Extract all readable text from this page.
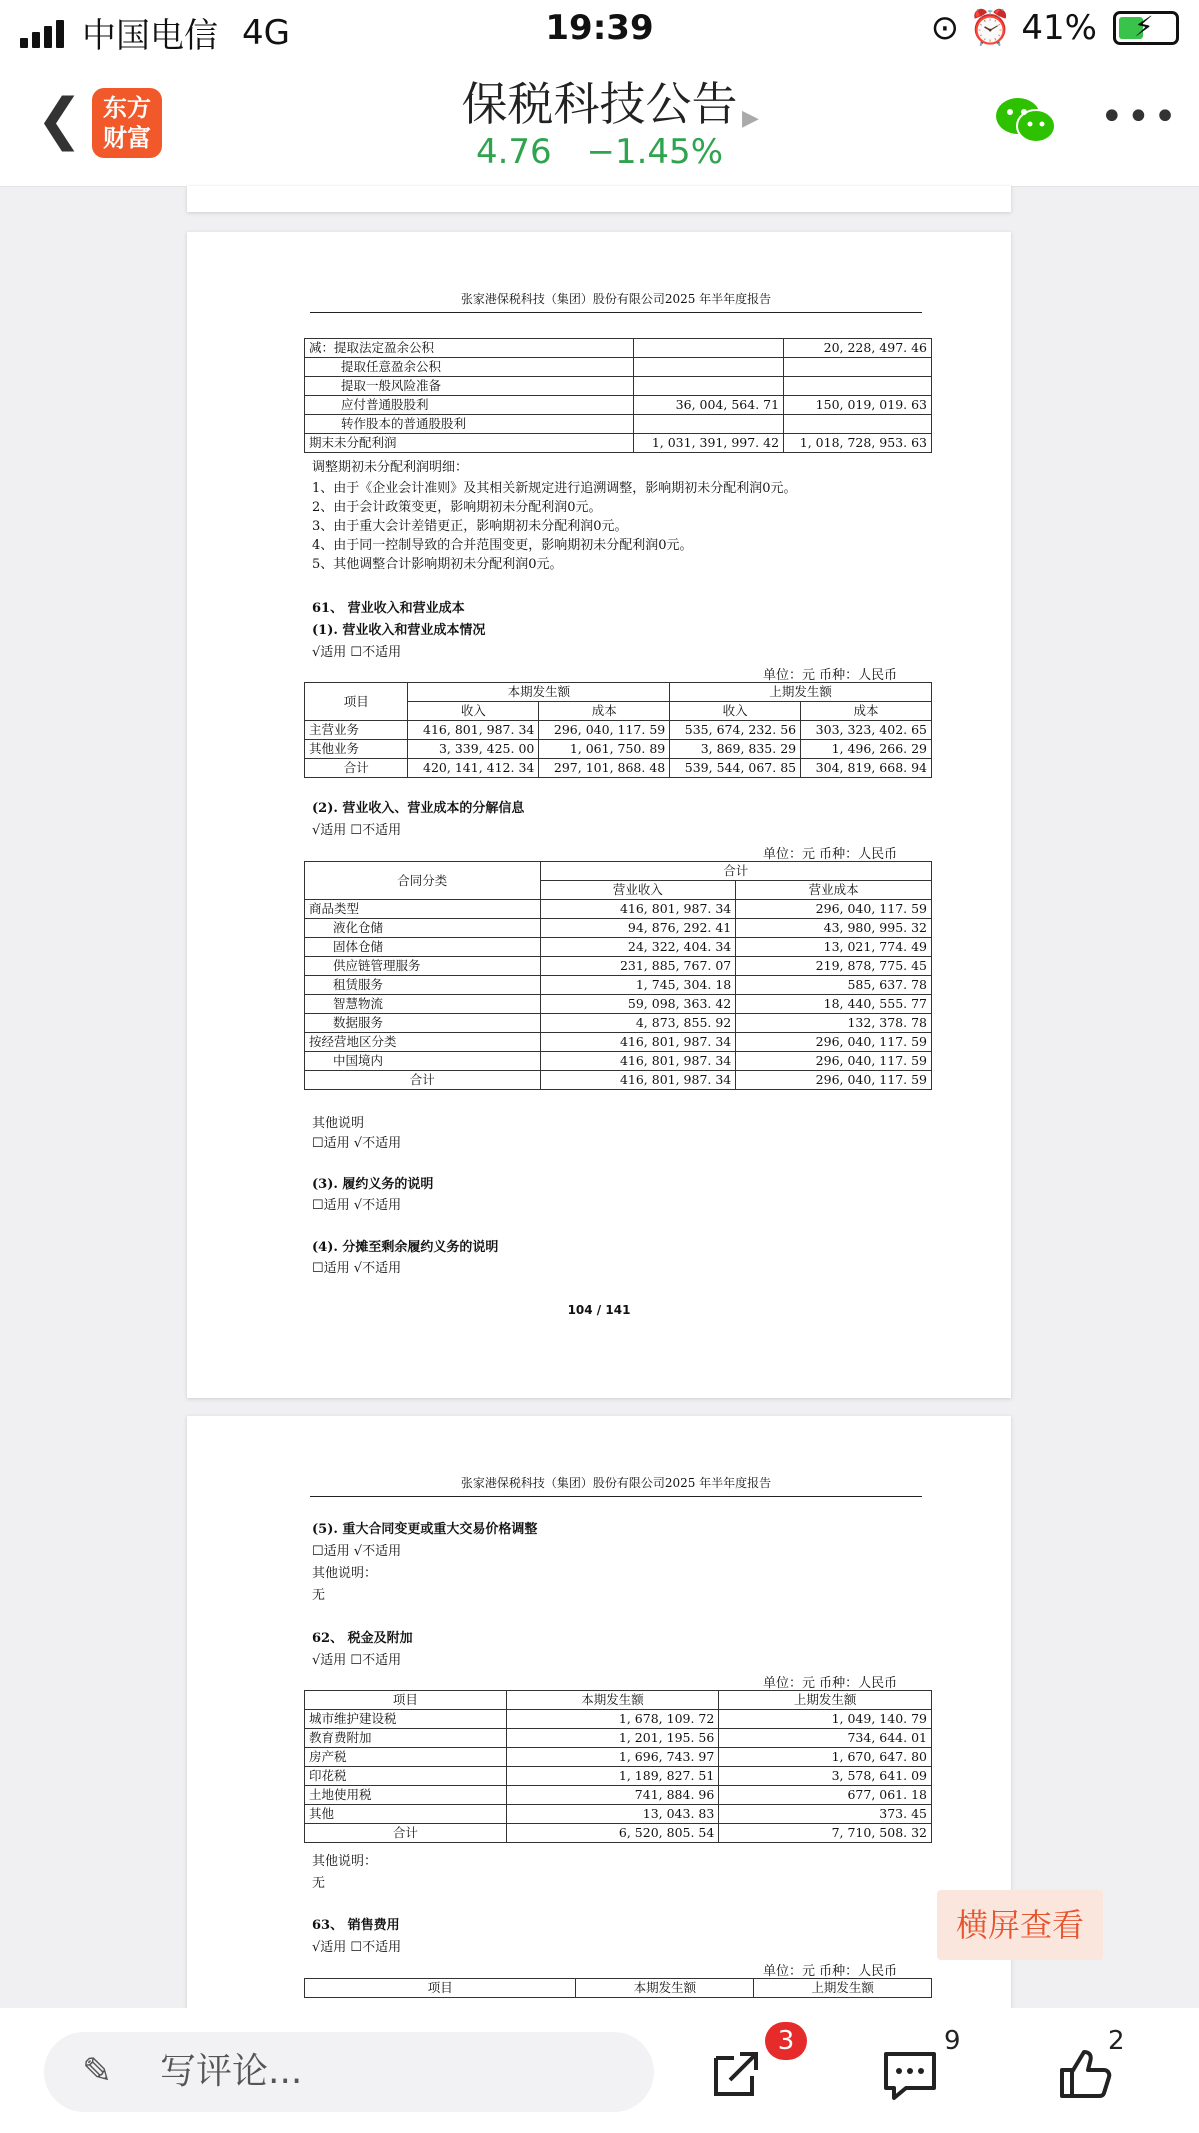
中国电信 4G	19:39	⊙ ⏰ 41% ⚡
❮ 东方
财富
保税科技公告
4.76 −1.45%
▶	•••
张家港保税科技（集团）股份有限公司2025 年半年度报告
减：提取法定盈余公积		20, 228, 497. 46
提取任意盈余公积		
提取一般风险准备		
应付普通股股利	36, 004, 564. 71	150, 019, 019. 63
转作股本的普通股股利		
期末未分配利润	1, 031, 391, 997. 42	1, 018, 728, 953. 63
调整期初未分配利润明细：
1、由于《企业会计准则》及其相关新规定进行追溯调整，影响期初未分配利润0元。
2、由于会计政策变更，影响期初未分配利润0元。
3、由于重大会计差错更正，影响期初未分配利润0元。
4、由于同一控制导致的合并范围变更，影响期初未分配利润0元。
5、其他调整合计影响期初未分配利润0元。
61、 营业收入和营业成本
(1). 营业收入和营业成本情况
√适用 ☐不适用
单位：元 币种：人民币
项目	本期发生额		上期发生额	
	收入	成本	收入	成本
主营业务	416, 801, 987. 34	296, 040, 117. 59	535, 674, 232. 56	303, 323, 402. 65
其他业务	3, 339, 425. 00	1, 061, 750. 89	3, 869, 835. 29	1, 496, 266. 29
合计	420, 141, 412. 34	297, 101, 868. 48	539, 544, 067. 85	304, 819, 668. 94
(2). 营业收入、营业成本的分解信息
√适用 ☐不适用
单位：元 币种：人民币
合同分类	合计	
	营业收入	营业成本
商品类型	416, 801, 987. 34	296, 040, 117. 59
液化仓储	94, 876, 292. 41	43, 980, 995. 32
固体仓储	24, 322, 404. 34	13, 021, 774. 49
供应链管理服务	231, 885, 767. 07	219, 878, 775. 45
租赁服务	1, 745, 304. 18	585, 637. 78
智慧物流	59, 098, 363. 42	18, 440, 555. 77
数据服务	4, 873, 855. 92	132, 378. 78
按经营地区分类	416, 801, 987. 34	296, 040, 117. 59
中国境内	416, 801, 987. 34	296, 040, 117. 59
合计	416, 801, 987. 34	296, 040, 117. 59
其他说明
☐适用 √不适用
(3). 履约义务的说明
☐适用 √不适用
(4). 分摊至剩余履约义务的说明
☐适用 √不适用
104 / 141
张家港保税科技（集团）股份有限公司2025 年半年度报告
(5). 重大合同变更或重大交易价格调整
☐适用 √不适用
其他说明：
无
62、 税金及附加
√适用 ☐不适用
单位：元 币种：人民币
项目	本期发生额	上期发生额
城市维护建设税	1, 678, 109. 72	1, 049, 140. 79
教育费附加	1, 201, 195. 56	734, 644. 01
房产税	1, 696, 743. 97	1, 670, 647. 80
印花税	1, 189, 827. 51	3, 578, 641. 09
土地使用税	741, 884. 96	677, 061. 18
其他	13, 043. 83	373. 45
合计	6, 520, 805. 54	7, 710, 508. 32
其他说明：
无
63、 销售费用
√适用 ☐不适用
单位：元 币种：人民币
项目	本期发生额	上期发生额
横屏查看
✎ 写评论...
3	9	2
